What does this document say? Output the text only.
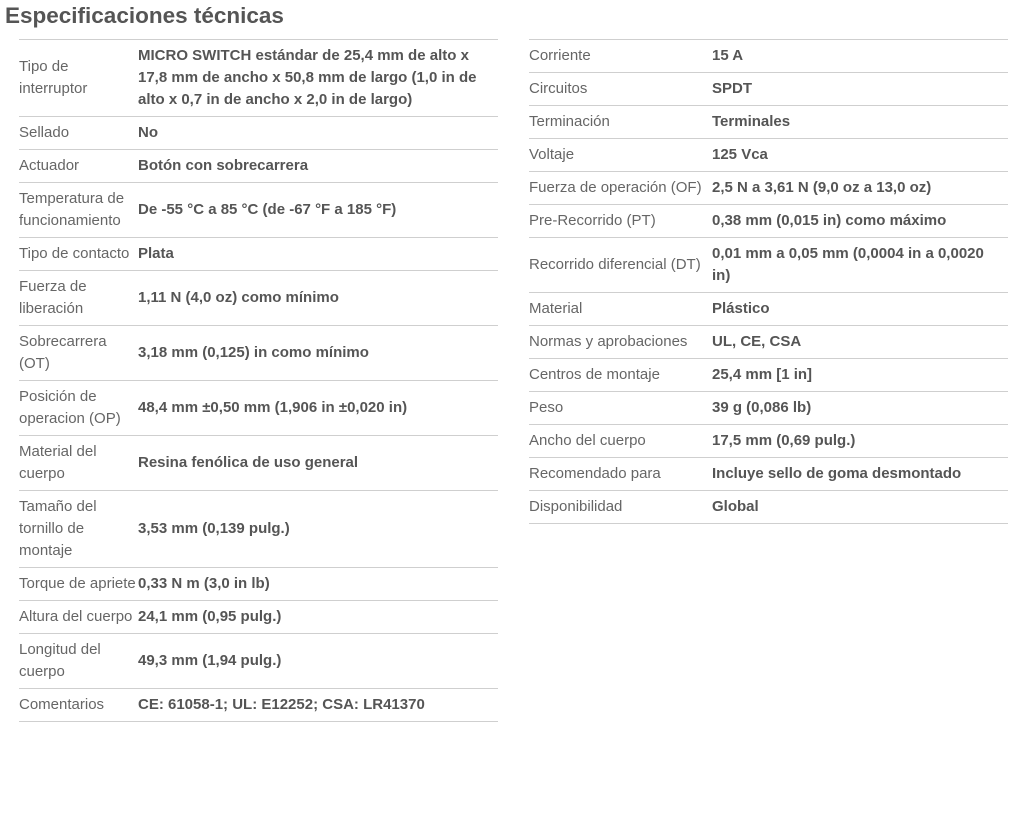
Especificaciones técnicas
Tipo de interruptor	MICRO SWITCH estándar de 25,4 mm de alto x 17,8 mm de ancho x 50,8 mm de largo (1,0 in de alto x 0,7 in de ancho x 2,0 in de largo)
Sellado	No
Actuador	Botón con sobrecarrera
Temperatura de funcionamiento	De -55 °C a 85 °C (de -67 °F a 185 °F)
Tipo de contacto	Plata
Fuerza de liberación	1,11 N (4,0 oz) como mínimo
Sobrecarrera (OT)	3,18 mm (0,125) in como mínimo
Posición de operacion (OP)	48,4 mm ±0,50 mm (1,906 in ±0,020 in)
Material del cuerpo	Resina fenólica de uso general
Tamaño del tornillo de montaje	3,53 mm (0,139 pulg.)
Torque de apriete	0,33 N m (3,0 in lb)
Altura del cuerpo	24,1 mm (0,95 pulg.)
Longitud del cuerpo	49,3 mm (1,94 pulg.)
Comentarios	CE: 61058-1; UL: E12252; CSA: LR41370
Corriente	15 A
Circuitos	SPDT
Terminación	Terminales
Voltaje	125 Vca
Fuerza de operación (OF)	2,5 N a 3,61 N (9,0 oz a 13,0 oz)
Pre-Recorrido (PT)	0,38 mm (0,015 in) como máximo
Recorrido diferencial (DT)	0,01 mm a 0,05 mm (0,0004 in a 0,0020 in)
Material	Plástico
Normas y aprobaciones	UL, CE, CSA
Centros de montaje	25,4 mm [1 in]
Peso	39 g (0,086 lb)
Ancho del cuerpo	17,5 mm (0,69 pulg.)
Recomendado para	Incluye sello de goma desmontado
Disponibilidad	Global
